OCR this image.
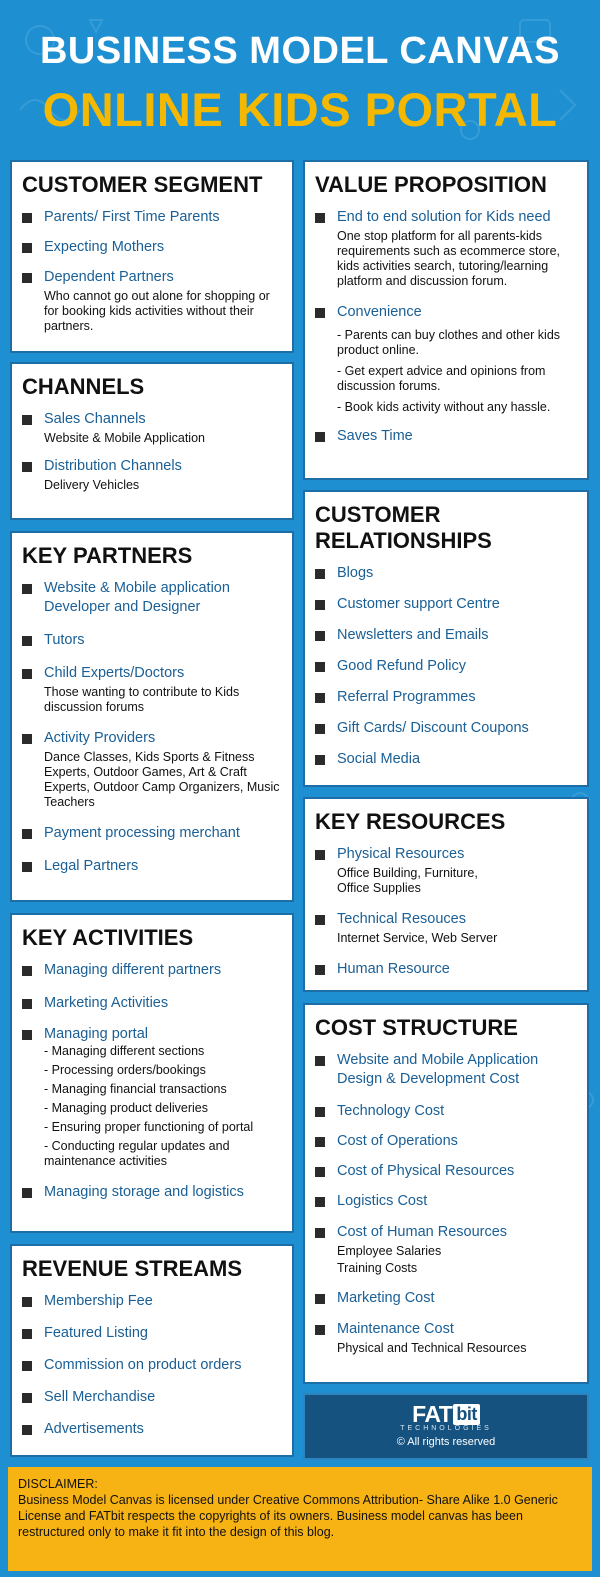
BUSINESS MODEL CANVAS
ONLINE KIDS PORTAL
CUSTOMER SEGMENT
Parents/ First Time Parents
Expecting Mothers
Dependent Partners
Who cannot go out alone for shopping or for booking kids activities without their partners.
CHANNELS
Sales Channels
Website & Mobile Application
Distribution Channels
Delivery Vehicles
KEY PARTNERS
Website & Mobile application Developer and Designer
Tutors
Child Experts/Doctors
Those wanting to contribute to Kids discussion forums
Activity Providers
Dance Classes, Kids Sports & Fitness Experts, Outdoor Games, Art & Craft Experts, Outdoor Camp Organizers, Music Teachers
Payment processing merchant
Legal Partners
KEY ACTIVITIES
Managing different partners
Marketing Activities
Managing portal
- Managing different sections
- Processing orders/bookings
- Managing financial transactions
- Managing product deliveries
- Ensuring proper functioning of portal
- Conducting regular updates and maintenance activities
Managing storage and logistics
REVENUE STREAMS
Membership Fee
Featured Listing
Commission on product orders
Sell Merchandise
Advertisements
VALUE PROPOSITION
End to end solution for Kids need
One stop platform for all parents-kids requirements such as ecommerce store, kids activities search, tutoring/learning platform and discussion forum.
Convenience
- Parents can buy clothes and other kids product online.
- Get expert advice and opinions from discussion forums.
- Book kids activity without any hassle.
Saves Time
CUSTOMER
RELATIONSHIPS
Blogs
Customer support Centre
Newsletters and Emails
Good Refund Policy
Referral Programmes
Gift Cards/ Discount Coupons
Social Media
KEY RESOURCES
Physical Resources
Office Building, Furniture, Office Supplies
Technical Resouces
Internet Service, Web Server
Human Resource
COST STRUCTURE
Website and Mobile Application Design & Development Cost
Technology Cost
Cost of Operations
Cost of Physical Resources
Logistics Cost
Cost of Human Resources
Employee Salaries
Training Costs
Marketing Cost
Maintenance Cost
Physical and Technical Resources
FAT bit
TECHNOLOGIES
© All rights reserved
DISCLAIMER:
Business Model Canvas is licensed under Creative Commons Attribution- Share Alike 1.0 Generic License and FATbit respects the copyrights of its owners. Business model canvas has been restructured only to make it fit into the design of this blog.
